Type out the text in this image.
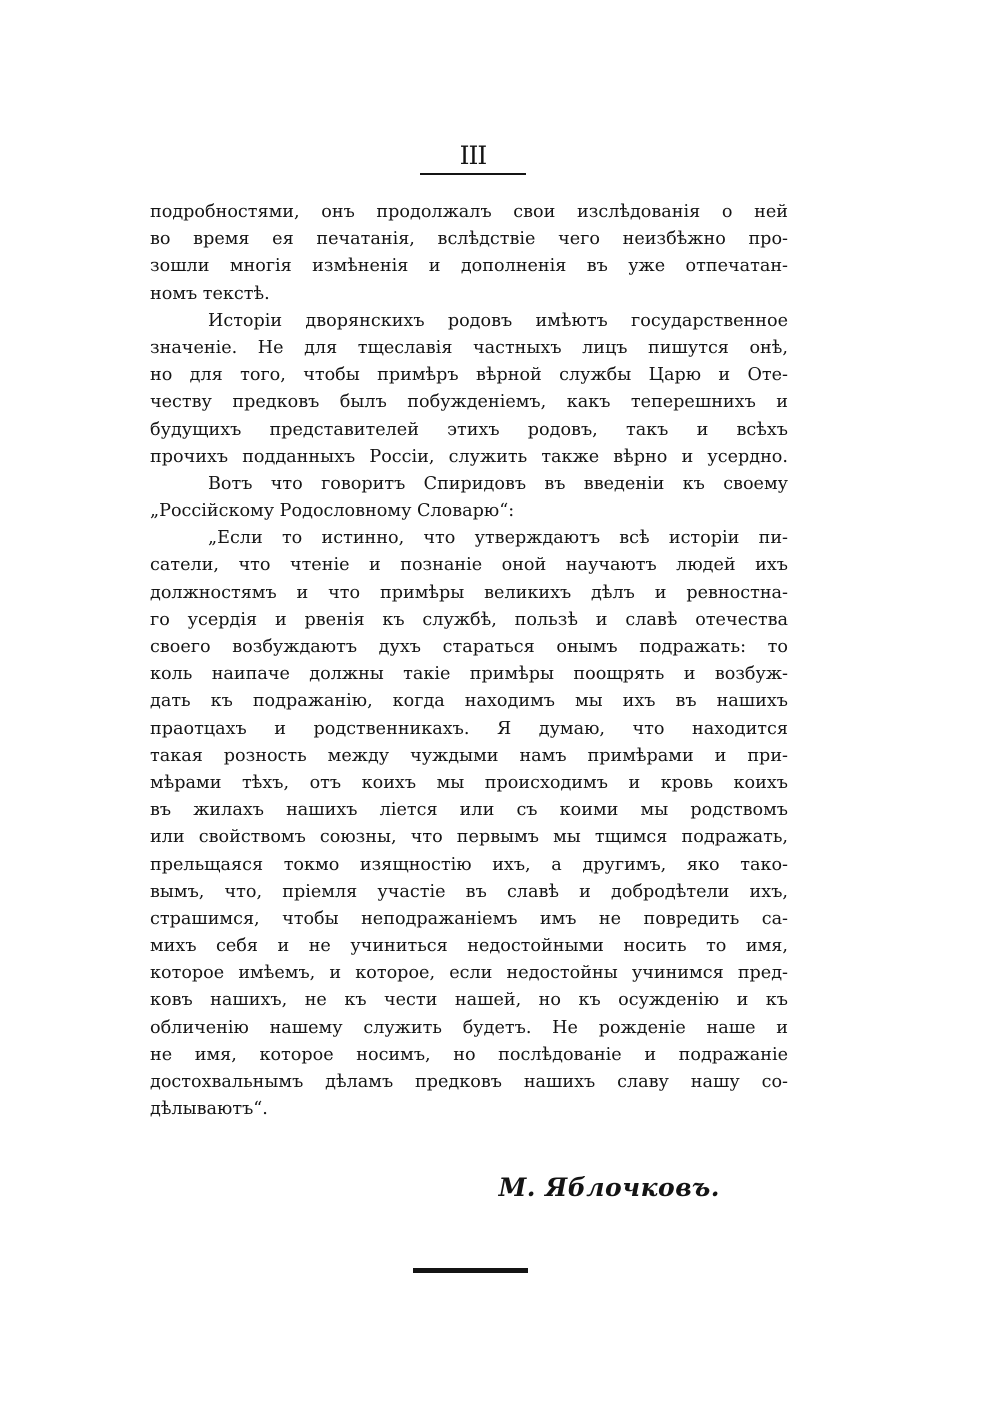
III
подробностями, онъ продолжалъ свои изслѣдованія о ней
во время ея печатанія, вслѣдствіе чего неизбѣжно про-
зошли многія измѣненія и дополненія въ уже отпечатан-
номъ текстѣ.
Исторіи дворянскихъ родовъ имѣютъ государственное
значеніе. Не для тщеславія частныхъ лицъ пишутся онѣ,
но для того, чтобы примѣръ вѣрной службы Царю и Оте-
честву предковъ былъ побужденіемъ, какъ теперешнихъ и
будущихъ представителей этихъ родовъ, такъ и всѣхъ
прочихъ подданныхъ Россіи, служить также вѣрно и усердно.
Вотъ что говоритъ Спиридовъ въ введеніи къ своему
„Россійскому Родословному Словарю“:
„Если то истинно, что утверждаютъ всѣ исторіи пи-
сатели, что чтеніе и познаніе оной научаютъ людей ихъ
должностямъ и что примѣры великихъ дѣлъ и ревностна-
го усердія и рвенія къ службѣ, пользѣ и славѣ отечества
своего возбуждаютъ духъ стараться онымъ подражать: то
коль наипаче должны такіе примѣры поощрять и возбуж-
дать къ подражанію, когда находимъ мы ихъ въ нашихъ
праотцахъ и родственникахъ. Я думаю, что находится
такая розность между чуждыми намъ примѣрами и при-
мѣрами тѣхъ, отъ коихъ мы происходимъ и кровь коихъ
въ жилахъ нашихъ ліется или съ коими мы родствомъ
или свойствомъ союзны, что первымъ мы тщимся подражать,
прельщаяся токмо изящностію ихъ, а другимъ, яко тако-
вымъ, что, пріемля участіе въ славѣ и добродѣтели ихъ,
страшимся, чтобы неподражаніемъ имъ не повредить са-
михъ себя и не учиниться недостойными носить то имя,
которое имѣемъ, и которое, если недостойны учинимся пред-
ковъ нашихъ, не къ чести нашей, но къ осужденію и къ
обличенію нашему служить будетъ. Не рожденіе наше и
не имя, которое носимъ, но послѣдованіе и подражаніе
достохвальнымъ дѣламъ предковъ нашихъ славу нашу со-
дѣлываютъ“.
М. Яблочковъ.
